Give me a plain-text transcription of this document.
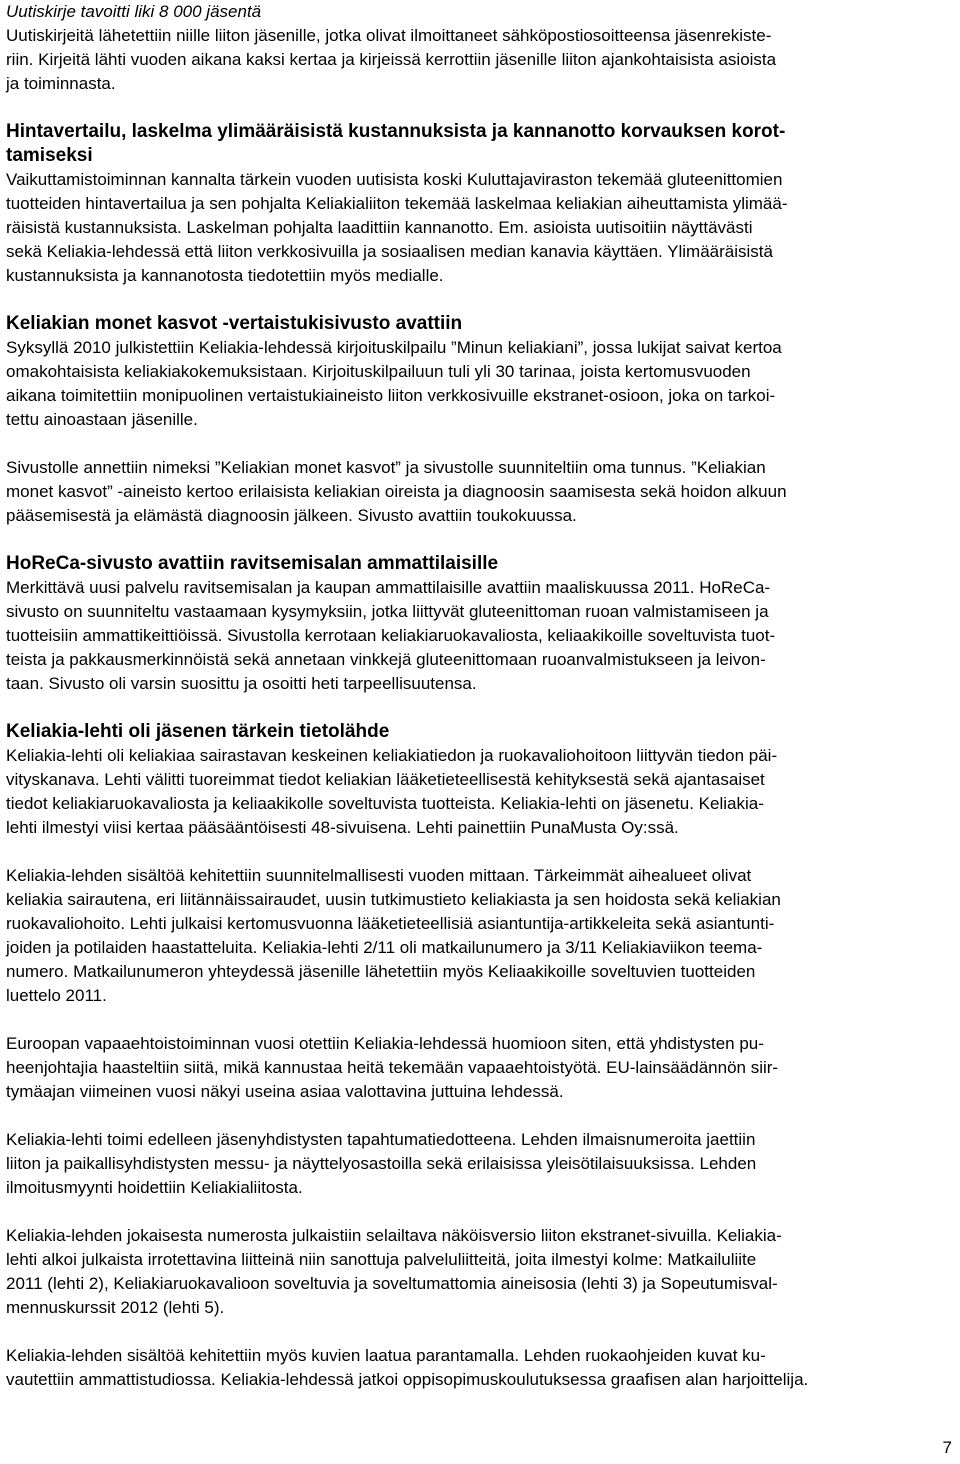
Uutiskirje tavoitti liki 8 000 jäsentä
Uutiskirjeitä lähetettiin niille liiton jäsenille, jotka olivat ilmoittaneet sähköpostiosoitteensa jäsenrekiste-
riin. Kirjeitä lähti vuoden aikana kaksi kertaa ja kirjeissä kerrottiin jäsenille liiton ajankohtaisista asioista
ja toiminnasta.
Hintavertailu, laskelma ylimääräisistä kustannuksista ja kannanotto korvauksen korot-
tamiseksi
Vaikuttamistoiminnan kannalta tärkein vuoden uutisista koski Kuluttajaviraston tekemää gluteenittomien
tuotteiden hintavertailua ja sen pohjalta Keliakialiiton tekemää laskelmaa keliakian aiheuttamista ylimää-
räisistä kustannuksista. Laskelman pohjalta laadittiin kannanotto. Em. asioista uutisoitiin näyttävästi
sekä Keliakia-lehdessä että liiton verkkosivuilla ja sosiaalisen median kanavia käyttäen. Ylimääräisistä
kustannuksista ja kannanotosta tiedotettiin myös medialle.
Keliakian monet kasvot -vertaistukisivusto avattiin
Syksyllä 2010 julkistettiin Keliakia-lehdessä kirjoituskilpailu ”Minun keliakiani”, jossa lukijat saivat kertoa
omakohtaisista keliakiakokemuksistaan. Kirjoituskilpailuun tuli yli 30 tarinaa, joista kertomusvuoden
aikana toimitettiin monipuolinen vertaistukiaineisto liiton verkkosivuille ekstranet-osioon, joka on tarkoi-
tettu ainoastaan jäsenille.
Sivustolle annettiin nimeksi ”Keliakian monet kasvot” ja sivustolle suunniteltiin oma tunnus. ”Keliakian
monet kasvot” -aineisto kertoo erilaisista keliakian oireista ja diagnoosin saamisesta sekä hoidon alkuun
pääsemisestä ja elämästä diagnoosin jälkeen. Sivusto avattiin toukokuussa.
HoReCa-sivusto avattiin ravitsemisalan ammattilaisille
Merkittävä uusi palvelu ravitsemisalan ja kaupan ammattilaisille avattiin maaliskuussa 2011. HoReCa-
sivusto on suunniteltu vastaamaan kysymyksiin, jotka liittyvät gluteenittoman ruoan valmistamiseen ja
tuotteisiin ammattikeittiöissä. Sivustolla kerrotaan keliakiaruokavaliosta, keliaakikoille soveltuvista tuot-
teista ja pakkausmerkinnöistä sekä annetaan vinkkejä gluteenittomaan ruoanvalmistukseen ja leivon-
taan. Sivusto oli varsin suosittu ja osoitti heti tarpeellisuutensa.
Keliakia-lehti oli jäsenen tärkein tietolähde
Keliakia-lehti oli keliakiaa sairastavan keskeinen keliakiatiedon ja ruokavaliohoitoon liittyvän tiedon päi-
vityskanava. Lehti välitti tuoreimmat tiedot keliakian lääketieteellisestä kehityksestä sekä ajantasaiset
tiedot keliakiaruokavaliosta ja keliaakikolle soveltuvista tuotteista. Keliakia-lehti on jäsenetu. Keliakia-
lehti ilmestyi viisi kertaa pääsääntöisesti 48-sivuisena. Lehti painettiin PunaMusta Oy:ssä.
Keliakia-lehden sisältöä kehitettiin suunnitelmallisesti vuoden mittaan. Tärkeimmät aihealueet olivat
keliakia sairautena, eri liitännäissairaudet, uusin tutkimustieto keliakiasta ja sen hoidosta sekä keliakian
ruokavaliohoito. Lehti julkaisi kertomusvuonna lääketieteellisiä asiantuntija-artikkeleita sekä asiantunti-
joiden ja potilaiden haastatteluita. Keliakia-lehti 2/11 oli matkailunumero ja 3/11 Keliakiaviikon teema-
numero. Matkailunumeron yhteydessä jäsenille lähetettiin myös Keliaakikoille soveltuvien tuotteiden
luettelo 2011.
Euroopan vapaaehtoistoiminnan vuosi otettiin Keliakia-lehdessä huomioon siten, että yhdistysten pu-
heenjohtajia haasteltiin siitä, mikä kannustaa heitä tekemään vapaaehtoistyötä. EU-lainsäädännön siir-
tymäajan viimeinen vuosi näkyi useina asiaa valottavina juttuina lehdessä.
Keliakia-lehti toimi edelleen jäsenyhdistysten tapahtumatiedotteena. Lehden ilmaisnumeroita jaettiin
liiton ja paikallisyhdistysten messu- ja näyttelyosastoilla sekä erilaisissa yleisötilaisuuksissa. Lehden
ilmoitusmyynti hoidettiin Keliakialiitosta.
Keliakia-lehden jokaisesta numerosta julkaistiin selailtava näköisversio liiton ekstranet-sivuilla. Keliakia-
lehti alkoi julkaista irrotettavina liitteinä niin sanottuja palveluliitteitä, joita ilmestyi kolme: Matkailuliite
2011 (lehti 2), Keliakiaruokavalioon soveltuvia ja soveltumattomia aineisosia (lehti 3) ja Sopeutumisval-
mennuskurssit 2012 (lehti 5).
Keliakia-lehden sisältöä kehitettiin myös kuvien laatua parantamalla. Lehden ruokaohjeiden kuvat ku-
vautettiin ammattistudiossa. Keliakia-lehdessä jatkoi oppisopimuskoulutuksessa graafisen alan harjoittelija.
7
